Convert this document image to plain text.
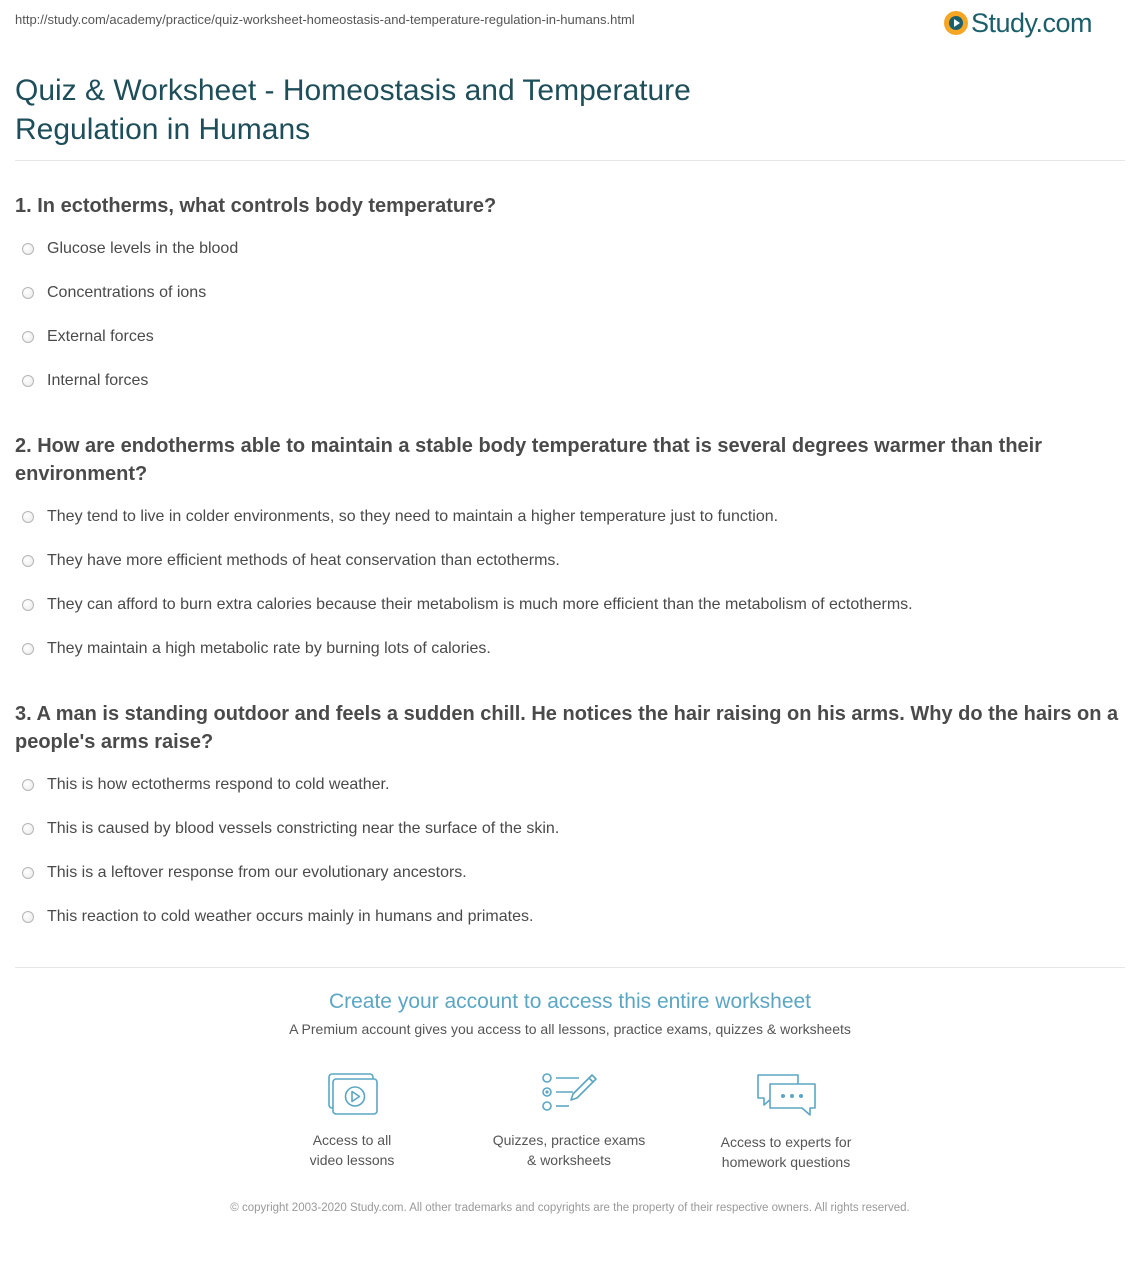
http://study.com/academy/practice/quiz-worksheet-homeostasis-and-temperature-regulation-in-humans.html	Study.com
Quiz & Worksheet - Homeostasis and Temperature Regulation in Humans
1. In ectotherms, what controls body temperature?
Glucose levels in the blood
Concentrations of ions
External forces
Internal forces
2. How are endotherms able to maintain a stable body temperature that is several degrees warmer than their environment?
They tend to live in colder environments, so they need to maintain a higher temperature just to function.
They have more efficient methods of heat conservation than ectotherms.
They can afford to burn extra calories because their metabolism is much more efficient than the metabolism of ectotherms.
They maintain a high metabolic rate by burning lots of calories.
3. A man is standing outdoor and feels a sudden chill. He notices the hair raising on his arms. Why do the hairs on a people's arms raise?
This is how ectotherms respond to cold weather.
This is caused by blood vessels constricting near the surface of the skin.
This is a leftover response from our evolutionary ancestors.
This reaction to cold weather occurs mainly in humans and primates.
Create your account to access this entire worksheet
A Premium account gives you access to all lessons, practice exams, quizzes & worksheets
Access to all
video lessons
Quizzes, practice exams
& worksheets
Access to experts for
homework questions
© copyright 2003-2020 Study.com. All other trademarks and copyrights are the property of their respective owners. All rights reserved.
